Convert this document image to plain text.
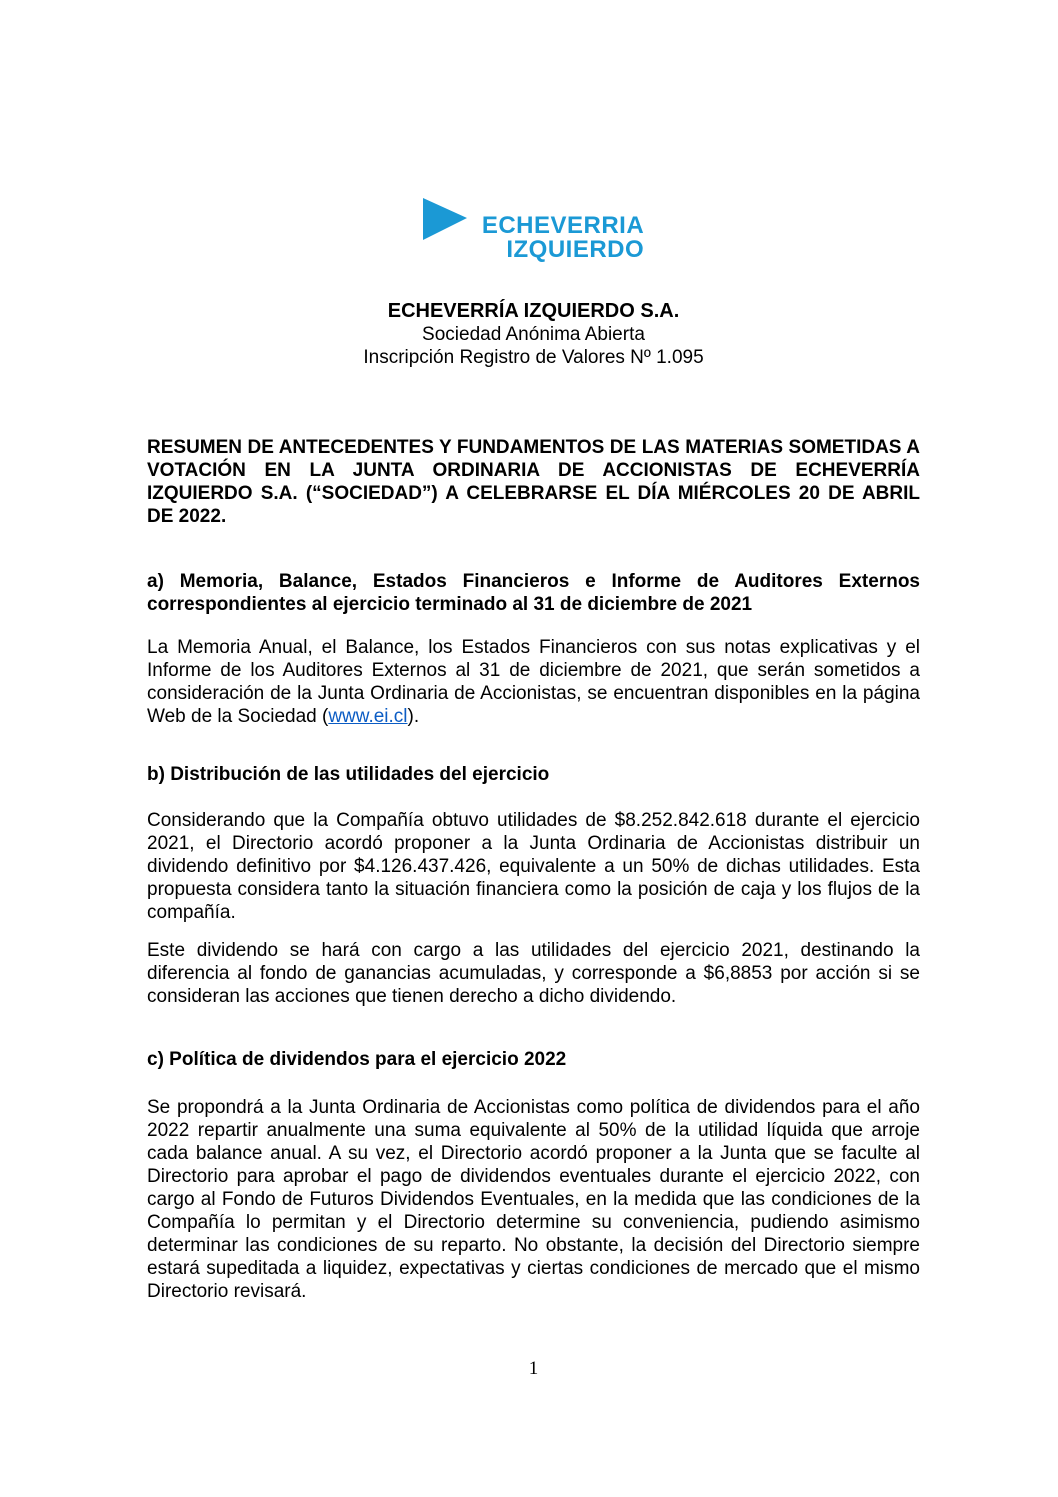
ECHEVERRIA
IZQUIERDO
ECHEVERRÍA IZQUIERDO S.A.
Sociedad Anónima Abierta
Inscripción Registro de Valores Nº 1.095
RESUMEN DE ANTECEDENTES Y FUNDAMENTOS DE LAS MATERIAS SOMETIDAS A VOTACIÓN EN LA JUNTA ORDINARIA DE ACCIONISTAS DE ECHEVERRÍA IZQUIERDO S.A. (“SOCIEDAD”) A CELEBRARSE EL DÍA MIÉRCOLES 20 DE ABRIL DE 2022.
a) Memoria, Balance, Estados Financieros e Informe de Auditores Externos correspondientes al ejercicio terminado al 31 de diciembre de 2021

La Memoria Anual, el Balance, los Estados Financieros con sus notas explicativas y el Informe de los Auditores Externos al 31 de diciembre de 2021, que serán sometidos a consideración de la Junta Ordinaria de Accionistas, se encuentran disponibles en la página Web de la Sociedad (www.ei.cl).

b) Distribución de las utilidades del ejercicio

Considerando que la Compañía obtuvo utilidades de $8.252.842.618 durante el ejercicio 2021, el Directorio acordó proponer a la Junta Ordinaria de Accionistas distribuir un dividendo definitivo por $4.126.437.426, equivalente a un 50% de dichas utilidades. Esta propuesta considera tanto la situación financiera como la posición de caja y los flujos de la compañía.

Este dividendo se hará con cargo a las utilidades del ejercicio 2021, destinando la diferencia al fondo de ganancias acumuladas, y corresponde a $6,8853 por acción si se consideran las acciones que tienen derecho a dicho dividendo.

c) Política de dividendos para el ejercicio 2022

Se propondrá a la Junta Ordinaria de Accionistas como política de dividendos para el año 2022 repartir anualmente una suma equivalente al 50% de la utilidad líquida que arroje cada balance anual. A su vez, el Directorio acordó proponer a la Junta que se faculte al Directorio para aprobar el pago de dividendos eventuales durante el ejercicio 2022, con cargo al Fondo de Futuros Dividendos Eventuales, en la medida que las condiciones de la Compañía lo permitan y el Directorio determine su conveniencia, pudiendo asimismo determinar las condiciones de su reparto. No obstante, la decisión del Directorio siempre estará supeditada a liquidez, expectativas y ciertas condiciones de mercado que el mismo Directorio revisará.

1
